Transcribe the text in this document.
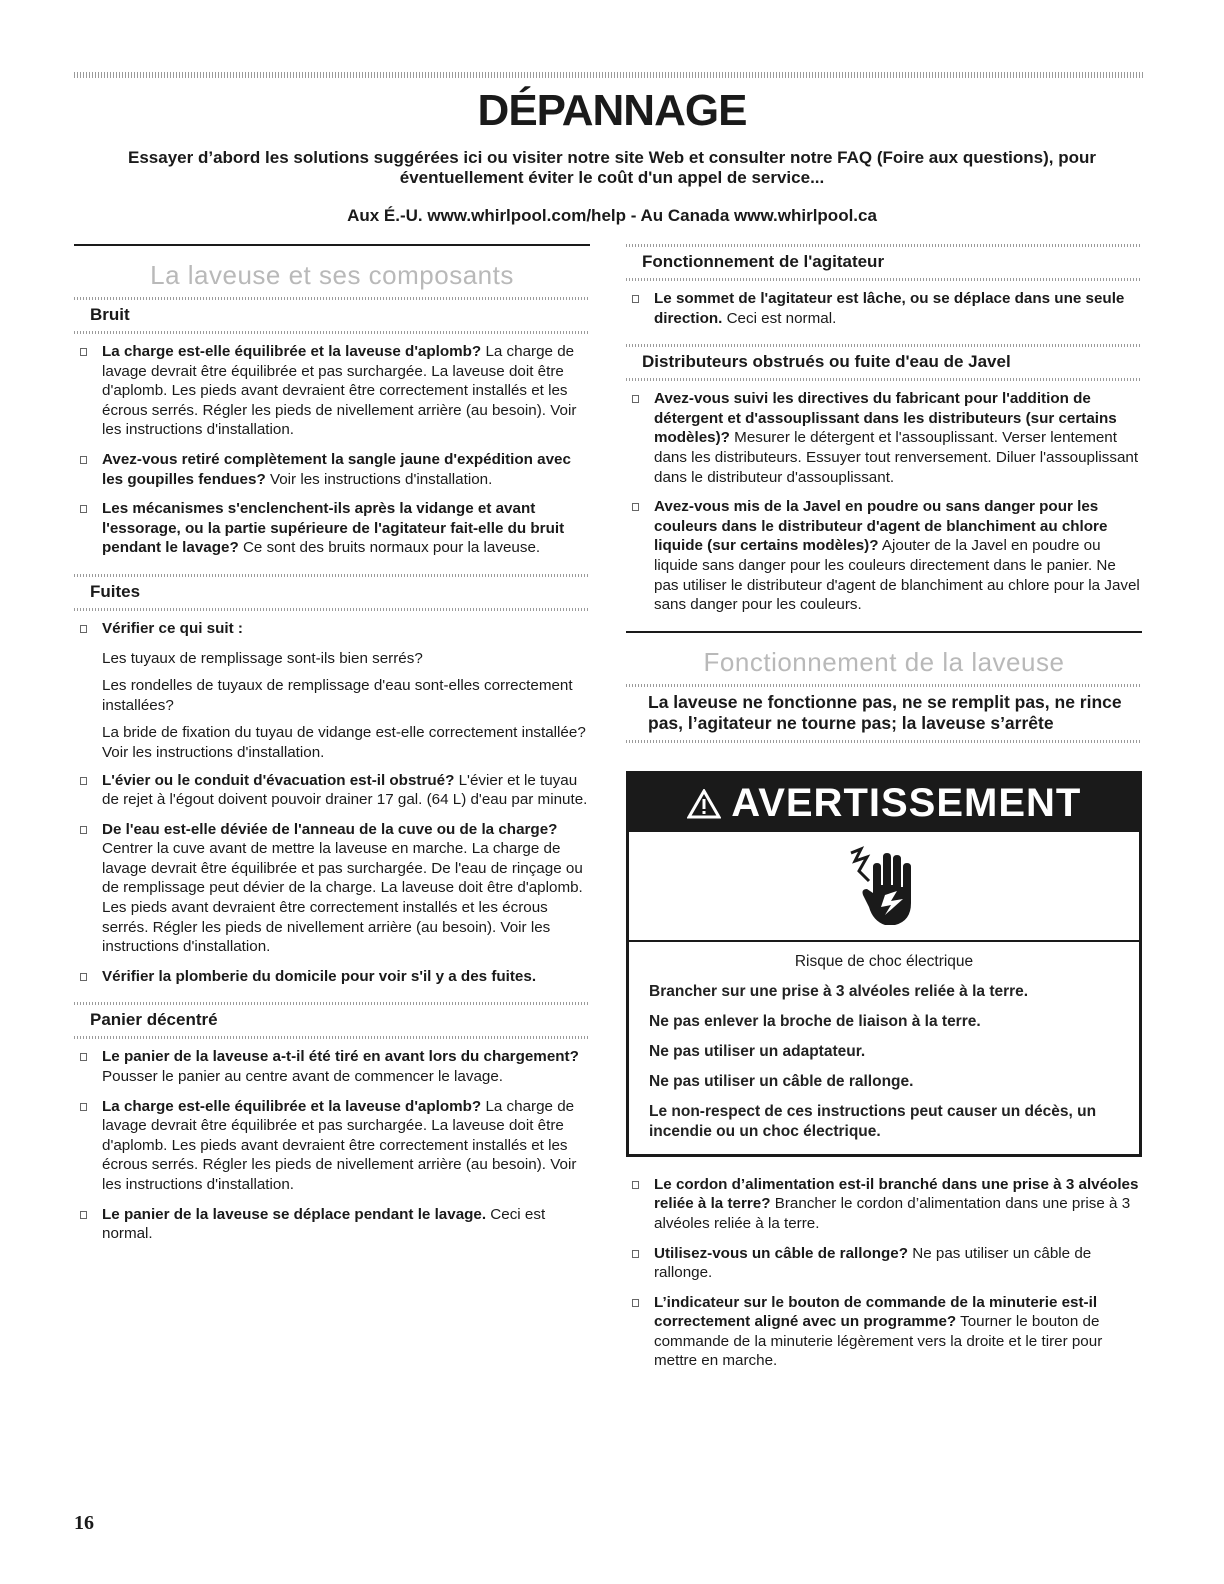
DÉPANNAGE

Essayer d’abord les solutions suggérées ici ou visiter notre site Web et consulter notre FAQ (Foire aux questions), pour éventuellement éviter le coût d'un appel de service...

Aux É.-U. www.whirlpool.com/help - Au Canada www.whirlpool.ca

La laveuse et ses composants
Bruit
La charge est-elle équilibrée et la laveuse d'aplomb? La charge de lavage devrait être équilibrée et pas surchargée. La laveuse doit être d'aplomb. Les pieds avant devraient être correctement installés et les écrous serrés. Régler les pieds de nivellement arrière (au besoin). Voir les instructions d'installation.
Avez-vous retiré complètement la sangle jaune d'expédition avec les goupilles fendues? Voir les instructions d'installation.
Les mécanismes s'enclenchent-ils après la vidange et avant l'essorage, ou la partie supérieure de l'agitateur fait-elle du bruit pendant le lavage? Ce sont des bruits normaux pour la laveuse.
Fuites
Vérifier ce qui suit :

Les tuyaux de remplissage sont-ils bien serrés?

Les rondelles de tuyaux de remplissage d'eau sont-elles correctement installées?

La bride de fixation du tuyau de vidange est-elle correctement installée? Voir les instructions d'installation.

L'évier ou le conduit d'évacuation est-il obstrué? L'évier et le tuyau de rejet à l'égout doivent pouvoir drainer 17 gal. (64 L) d'eau par minute.
De l'eau est-elle déviée de l'anneau de la cuve ou de la charge? Centrer la cuve avant de mettre la laveuse en marche. La charge de lavage devrait être équilibrée et pas surchargée. De l'eau de rinçage ou de remplissage peut dévier de la charge. La laveuse doit être d'aplomb. Les pieds avant devraient être correctement installés et les écrous serrés. Régler les pieds de nivellement arrière (au besoin). Voir les instructions d'installation.
Vérifier la plomberie du domicile pour voir s'il y a des fuites.
Panier décentré
Le panier de la laveuse a-t-il été tiré en avant lors du chargement? Pousser le panier au centre avant de commencer le lavage.
La charge est-elle équilibrée et la laveuse d'aplomb? La charge de lavage devrait être équilibrée et pas surchargée. La laveuse doit être d'aplomb. Les pieds avant devraient être correctement installés et les écrous serrés. Régler les pieds de nivellement arrière (au besoin). Voir les instructions d'installation.
Le panier de la laveuse se déplace pendant le lavage. Ceci est normal.
Fonctionnement de l'agitateur
Le sommet de l'agitateur est lâche, ou se déplace dans une seule direction. Ceci est normal.
Distributeurs obstrués ou fuite d'eau de Javel
Avez-vous suivi les directives du fabricant pour l'addition de détergent et d'assouplissant dans les distributeurs (sur certains modèles)? Mesurer le détergent et l'assouplissant. Verser lentement dans les distributeurs. Essuyer tout renversement. Diluer l'assouplissant dans le distributeur d'assouplissant.
Avez-vous mis de la Javel en poudre ou sans danger pour les couleurs dans le distributeur d'agent de blanchiment au chlore liquide (sur certains modèles)? Ajouter de la Javel en poudre ou liquide sans danger pour les couleurs directement dans le panier. Ne pas utiliser le distributeur d'agent de blanchiment au chlore pour la Javel sans danger pour les couleurs.
Fonctionnement de la laveuse
La laveuse ne fonctionne pas, ne se remplit pas, ne rince pas, l’agitateur ne tourne pas; la laveuse s’arrête
AVERTISSEMENT
Risque de choc électrique

Brancher sur une prise à 3 alvéoles reliée à la terre.

Ne pas enlever la broche de liaison à la terre.

Ne pas utiliser un adaptateur.

Ne pas utiliser un câble de rallonge.

Le non-respect de ces instructions peut causer un décès, un incendie ou un choc électrique.

Le cordon d’alimentation est-il branché dans une prise à 3 alvéoles reliée à la terre? Brancher le cordon d’alimentation dans une prise à 3 alvéoles reliée à la terre.
Utilisez-vous un câble de rallonge? Ne pas utiliser un câble de rallonge.
L’indicateur sur le bouton de commande de la minuterie est-il correctement aligné avec un programme? Tourner le bouton de commande de la minuterie légèrement vers la droite et le tirer pour mettre en marche.

16
